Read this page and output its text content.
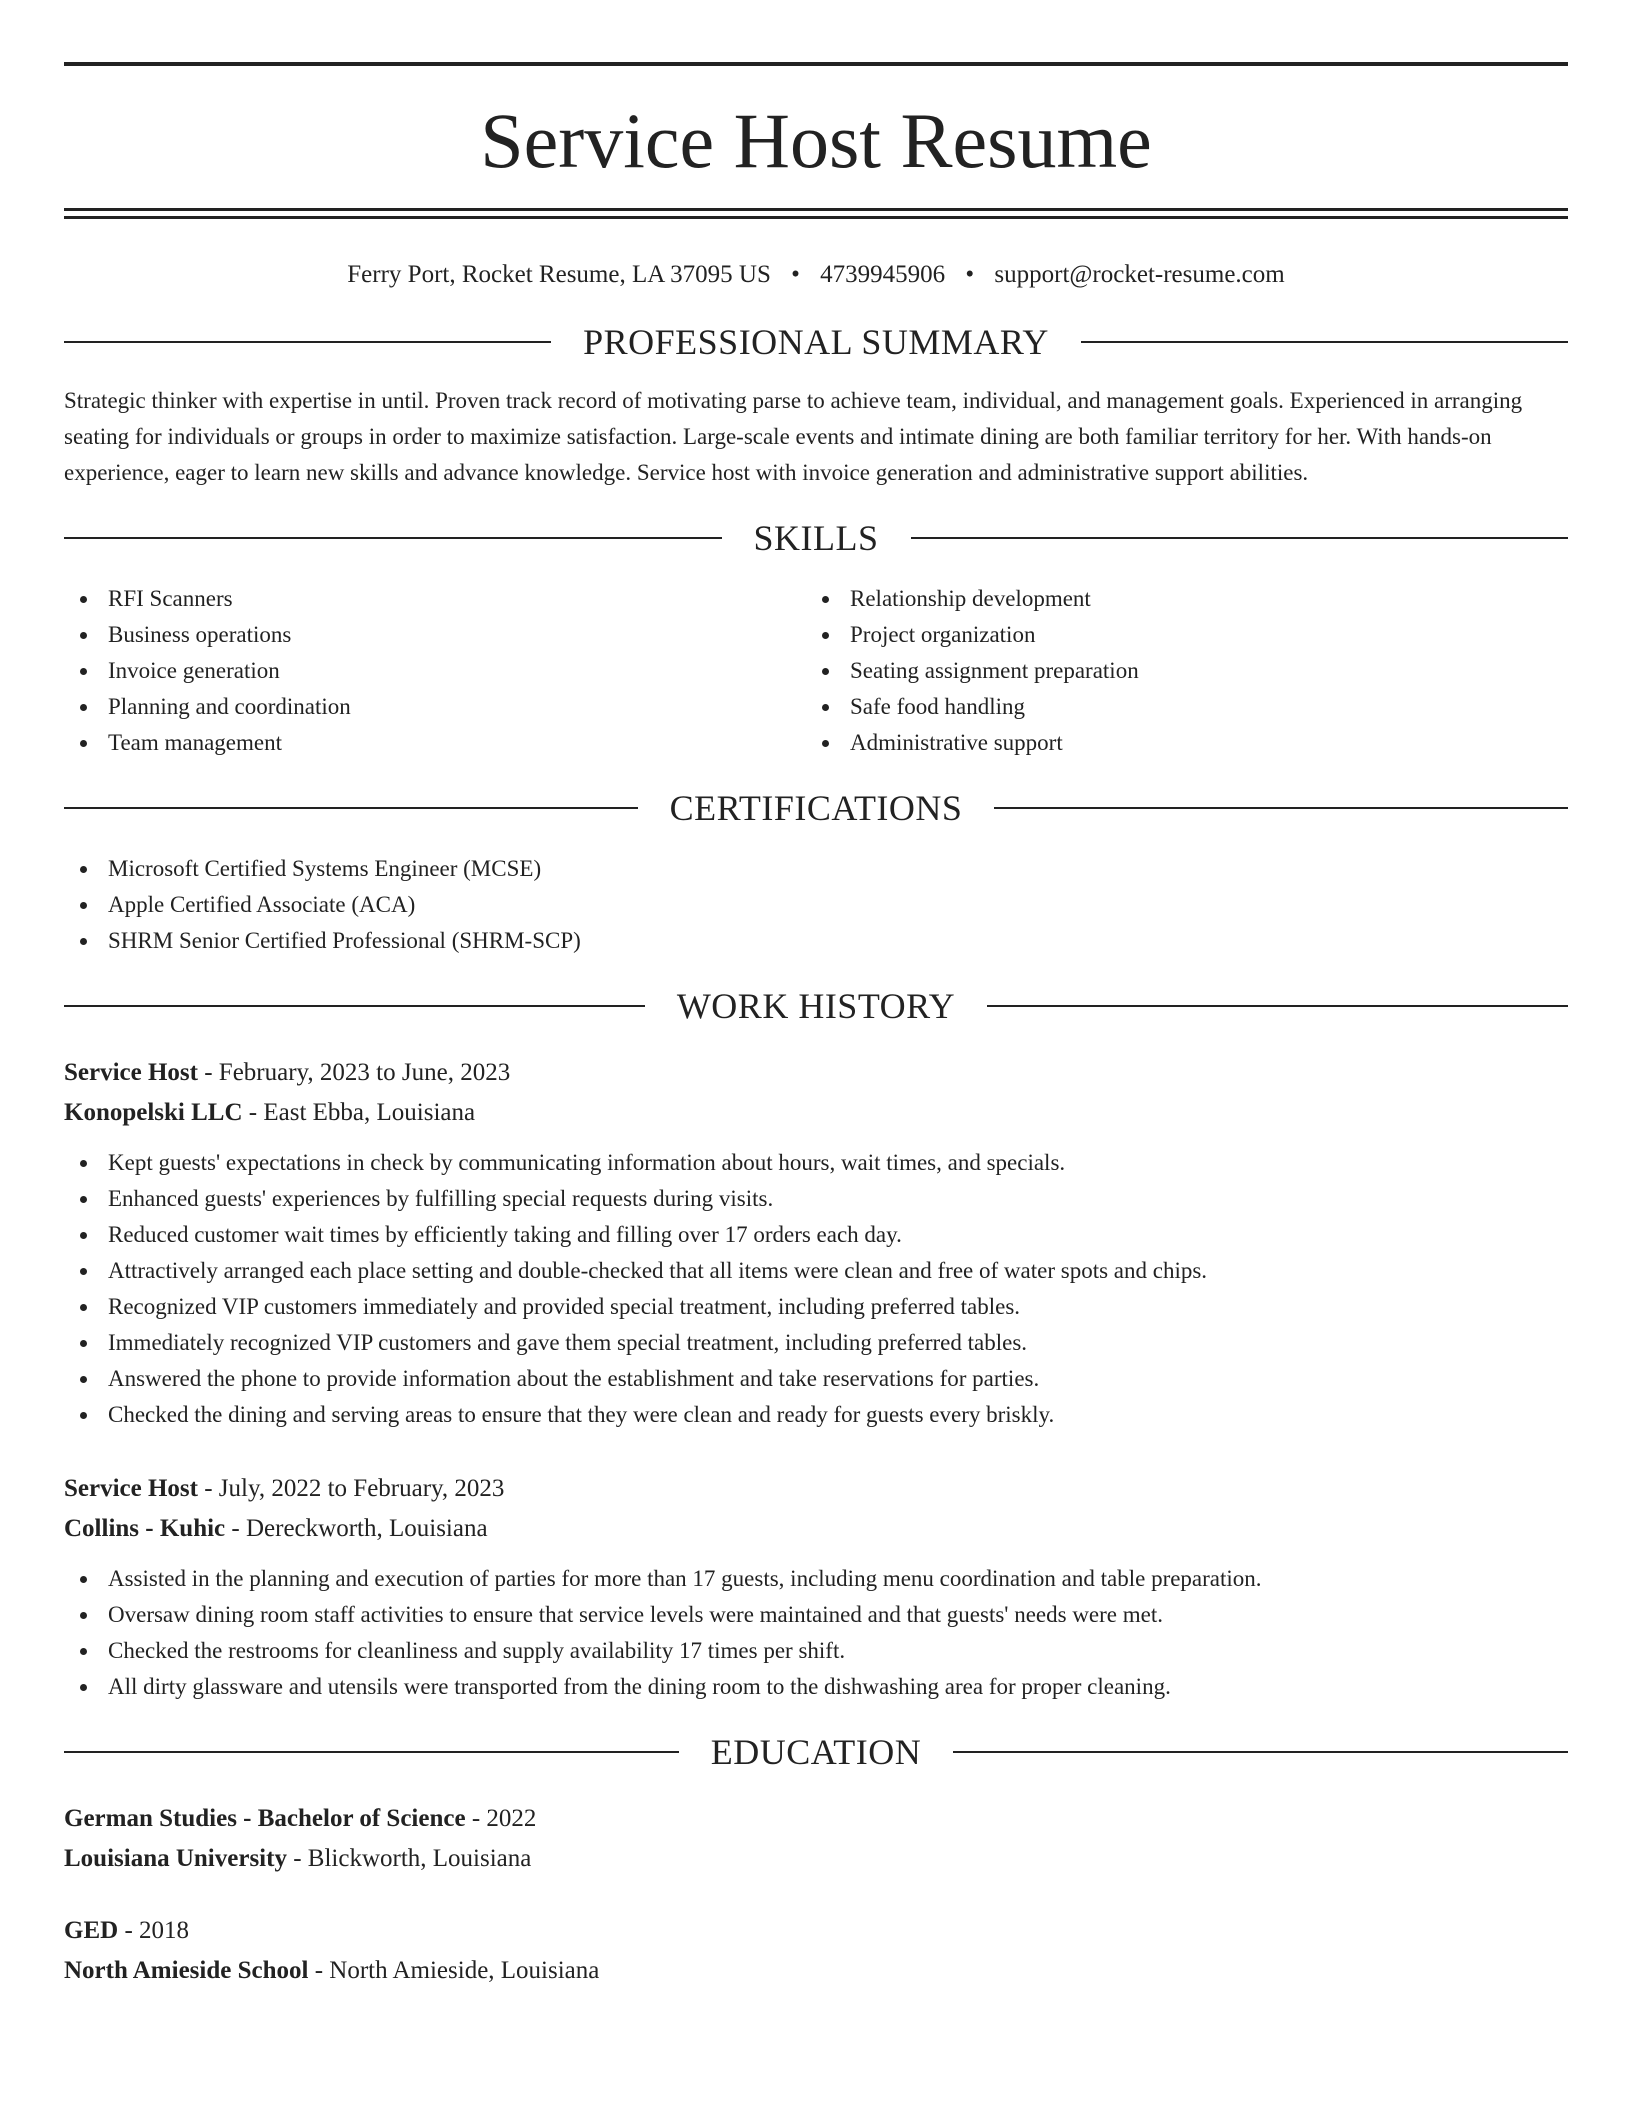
Service Host Resume
Ferry Port, Rocket Resume, LA 37095 US • 4739945906 • support@rocket-resume.com
PROFESSIONAL SUMMARY
Strategic thinker with expertise in until. Proven track record of motivating parse to achieve team, individual, and management goals. Experienced in arranging seating for individuals or groups in order to maximize satisfaction. Large-scale events and intimate dining are both familiar territory for her. With hands-on experience, eager to learn new skills and advance knowledge. Service host with invoice generation and administrative support abilities.
SKILLS
RFI Scanners
Business operations
Invoice generation
Planning and coordination
Team management
Relationship development
Project organization
Seating assignment preparation
Safe food handling
Administrative support
CERTIFICATIONS
Microsoft Certified Systems Engineer (MCSE)
Apple Certified Associate (ACA)
SHRM Senior Certified Professional (SHRM-SCP)
WORK HISTORY
Service Host - February, 2023 to June, 2023
Konopelski LLC - East Ebba, Louisiana
Kept guests' expectations in check by communicating information about hours, wait times, and specials.
Enhanced guests' experiences by fulfilling special requests during visits.
Reduced customer wait times by efficiently taking and filling over 17 orders each day.
Attractively arranged each place setting and double-checked that all items were clean and free of water spots and chips.
Recognized VIP customers immediately and provided special treatment, including preferred tables.
Immediately recognized VIP customers and gave them special treatment, including preferred tables.
Answered the phone to provide information about the establishment and take reservations for parties.
Checked the dining and serving areas to ensure that they were clean and ready for guests every briskly.
Service Host - July, 2022 to February, 2023
Collins - Kuhic - Dereckworth, Louisiana
Assisted in the planning and execution of parties for more than 17 guests, including menu coordination and table preparation.
Oversaw dining room staff activities to ensure that service levels were maintained and that guests' needs were met.
Checked the restrooms for cleanliness and supply availability 17 times per shift.
All dirty glassware and utensils were transported from the dining room to the dishwashing area for proper cleaning.
EDUCATION
German Studies - Bachelor of Science - 2022
Louisiana University - Blickworth, Louisiana
GED - 2018
North Amieside School - North Amieside, Louisiana
